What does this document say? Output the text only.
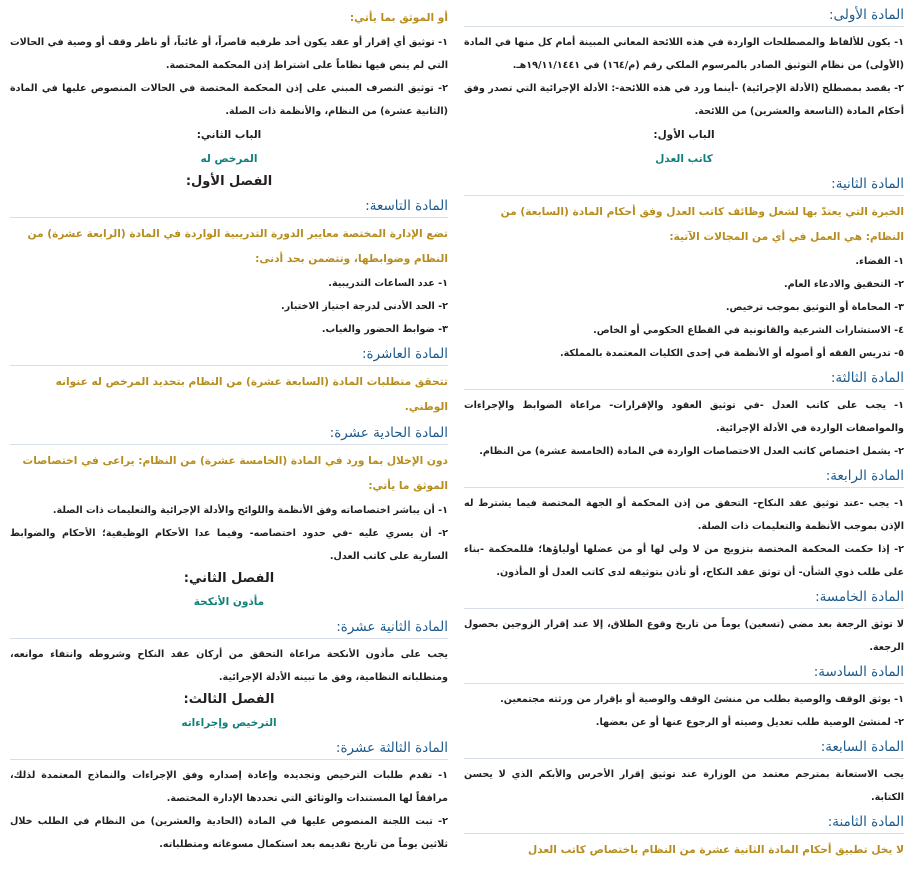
المادة الأولى:

١- يكون للألفاظ والمصطلحات الواردة في هذه اللائحة المعاني المبينة أمام كل منها في المادة (الأولى) من نظام التوثيق الصادر بالمرسوم الملكي رقم (م/١٦٤) في ١٩/١١/١٤٤١هـ.

٢- يقصد بمصطلح (الأدلة الإجرائية) -أينما ورد في هذه اللائحة-: الأدلة الإجرائية التي تصدر وفق أحكام المادة (التاسعة والعشرين) من اللائحة.

الباب الأول:
كاتب العدل
المادة الثانية:

الخبرة التي يعتدّ بها لشغل وظائف كاتب العدل وفق أحكام المادة (السابعة) من النظام: هي العمل في أي من المجالات الآتية:

١- القضاء.
٢- التحقيق والادعاء العام.
٣- المحاماة أو التوثيق بموجب ترخيص.
٤- الاستشارات الشرعية والقانونية في القطاع الحكومي أو الخاص.
٥- تدريس الفقه أو أصوله أو الأنظمة في إحدى الكليات المعتمدة بالمملكة.
المادة الثالثة:
١- يجب على كاتب العدل -في توثيق العقود والإقرارات- مراعاة الضوابط والإجراءات والمواصفات الواردة في الأدلة الإجرائية.
٢- يشمل اختصاص كاتب العدل الاختصاصات الواردة في المادة (الخامسة عشرة) من النظام.
المادة الرابعة:
١- يجب -عند توثيق عقد النكاح- التحقق من إذن المحكمة أو الجهة المختصة فيما يشترط له الإذن بموجب الأنظمة والتعليمات ذات الصلة.
٢- إذا حكمت المحكمة المختصة بتزويج من لا ولي لها أو من عضلها أولياؤها؛ فللمحكمة -بناء على طلب ذوي الشأن- أن توثق عقد النكاح، أو تأذن بتوثيقه لدى كاتب العدل أو المأذون.
المادة الخامسة:

لا توثق الرجعة بعد مضي (تسعين) يوماً من تاريخ وقوع الطلاق، إلا عند إقرار الزوجين بحصول الرجعة.

المادة السادسة:
١- يوثق الوقف والوصية بطلب من منشئ الوقف والوصية أو بإقرار من ورثته مجتمعين.
٢- لمنشئ الوصية طلب تعديل وصيته أو الرجوع عنها أو عن بعضها.
المادة السابعة:

يجب الاستعانة بمترجم معتمد من الوزارة عند توثيق إقرار الأخرس والأبكم الذي لا يحسن الكتابة.

المادة الثامنة:

لا يخل تطبيق أحكام المادة الثانية عشرة من النظام باختصاص كاتب العدل

أو الموثق بما يأتي:

١- توثيق أي إقرار أو عقد يكون أحد طرفيه قاصراً، أو غائباً، أو ناظر وقف أو وصية في الحالات التي لم ينص فيها نظاماً على اشتراط إذن المحكمة المختصة.
٢- توثيق التصرف المبني على إذن المحكمة المختصة في الحالات المنصوص عليها في المادة (الثانية عشرة) من النظام، والأنظمة ذات الصلة.
الباب الثاني:
المرخص له
الفصل الأول:
المادة التاسعة:

تضع الإدارة المختصة معايير الدورة التدريبية الواردة في المادة (الرابعة عشرة) من النظام وضوابطها، وتتضمن بحد أدنى:

١- عدد الساعات التدريبية.
٢- الحد الأدنى لدرجة اجتياز الاختبار.
٣- ضوابط الحضور والغياب.
المادة العاشرة:

تتحقق متطلبات المادة (السابعة عشرة) من النظام بتحديد المرخص له عنوانه الوطني.

المادة الحادية عشرة:

دون الإخلال بما ورد في المادة (الخامسة عشرة) من النظام: يراعى في اختصاصات الموثق ما يأتي:

١- أن يباشر اختصاصاته وفق الأنظمة واللوائح والأدلة الإجرائية والتعليمات ذات الصلة.
٢- أن يسري عليه -في حدود اختصاصه- وفيما عدا الأحكام الوظيفية؛ الأحكام والضوابط السارية على كاتب العدل.
الفصل الثاني:
مأذون الأنكحة
المادة الثانية عشرة:

يجب على مأذون الأنكحة مراعاة التحقق من أركان عقد النكاح وشروطه وانتفاء موانعه، ومتطلباته النظامية، وفق ما تبينه الأدلة الإجرائية.

الفصل الثالث:
الترخيص وإجراءاته
المادة الثالثة عشرة:
١- تقدم طلبات الترخيص وتجديده وإعادة إصداره وفق الإجراءات والنماذج المعتمدة لذلك، مرافقاً لها المستندات والوثائق التي تحددها الإدارة المختصة.
٢- تبت اللجنة المنصوص عليها في المادة (الحادية والعشرين) من النظام في الطلب خلال ثلاثين يوماً من تاريخ تقديمه بعد استكمال مسوغاته ومتطلباته.
